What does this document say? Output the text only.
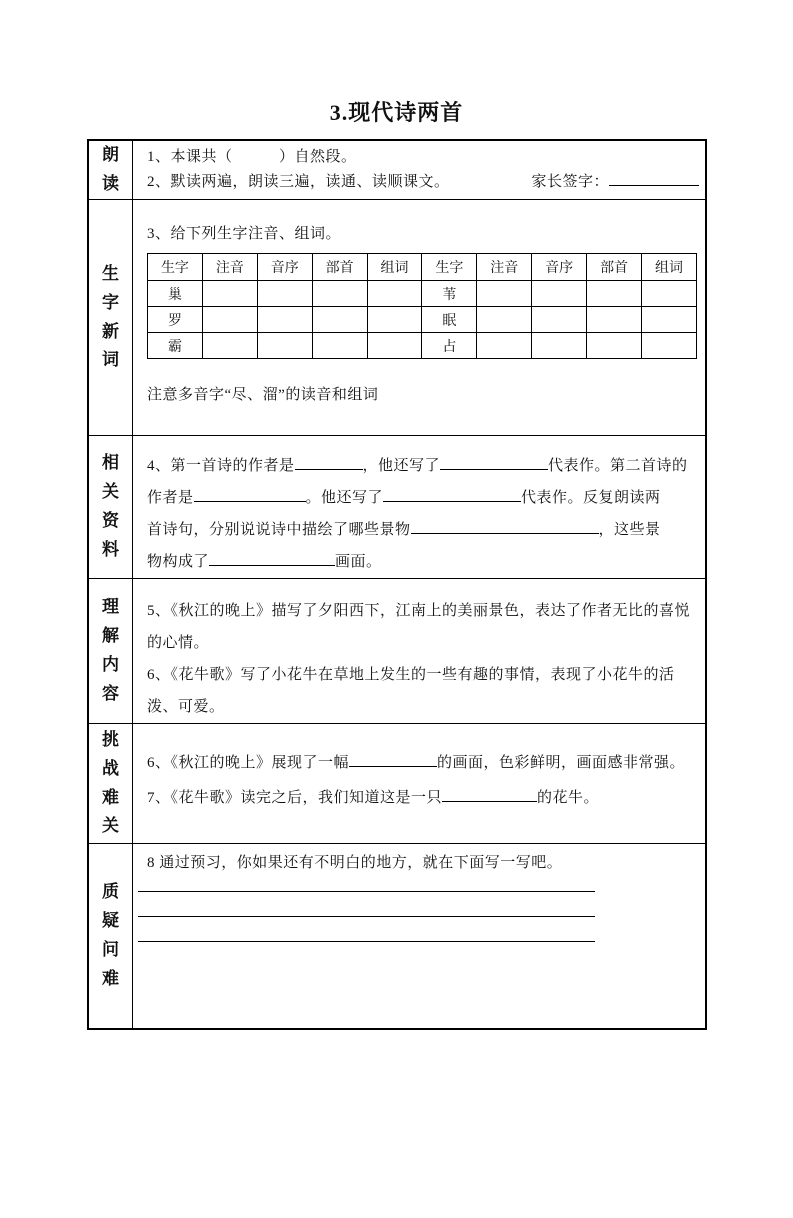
3.现代诗两首
朗读
1、本课共（　　　）自然段。
2、默读两遍，朗读三遍，读通、读顺课文。	家长签字：
生字新词
3、给下列生字注音、组词。
生字	注音	音序	部首	组词	生字	注音	音序	部首	组词
巢					苇				
罗					眠				
霸					占				
注意多音字“尽、溜”的读音和组词
相关资料
4、第一首诗的作者是	，他还写了	代表作。第二首诗的
作者是	。他还写了	代表作。反复朗读两
首诗句，分别说说诗中描绘了哪些景物	，这些景
物构成了	画面。
理解内容
5、《秋江的晚上》描写了夕阳西下，江南上的美丽景色，表达了作者无比的喜悦的心情。
6、《花牛歌》写了小花牛在草地上发生的一些有趣的事情，表现了小花牛的活泼、可爱。
挑战难关
6、《秋江的晚上》展现了一幅	的画面，色彩鲜明，画面感非常强。
7、《花牛歌》读完之后，我们知道这是一只	的花牛。
质疑问难
8 通过预习，你如果还有不明白的地方，就在下面写一写吧。
